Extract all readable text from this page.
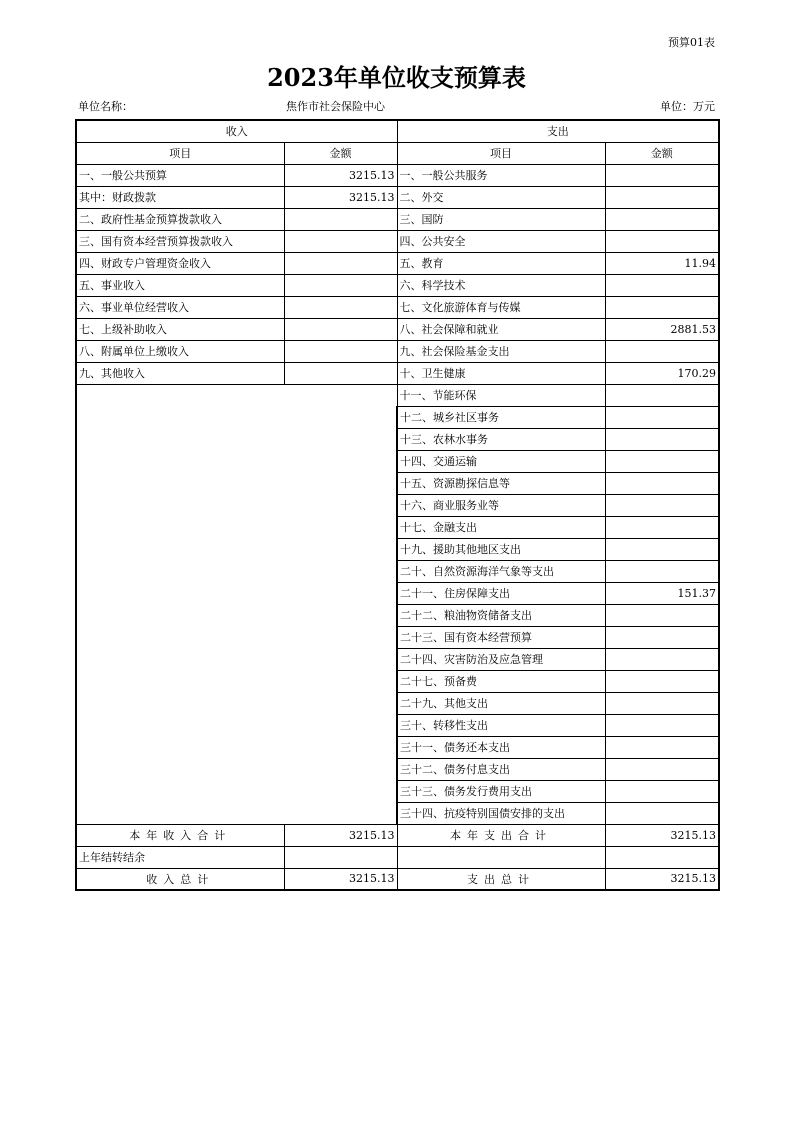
预算01表
2023年单位收支预算表
单位名称：	焦作市社会保险中心	单位：万元
收入		支出	
项目	金额	项目	金额
一、一般公共预算	3215.13	一、一般公共服务	
其中：财政拨款	3215.13	二、外交	
二、政府性基金预算拨款收入		三、国防	
三、国有资本经营预算拨款收入		四、公共安全	
四、财政专户管理资金收入		五、教育	11.94
五、事业收入		六、科学技术	
六、事业单位经营收入		七、文化旅游体育与传媒	
七、上级补助收入		八、社会保障和就业	2881.53
八、附属单位上缴收入		九、社会保险基金支出	
九、其他收入		十、卫生健康	170.29
		十一、节能环保	
		十二、城乡社区事务	
		十三、农林水事务	
		十四、交通运输	
		十五、资源勘探信息等	
		十六、商业服务业等	
		十七、金融支出	
		十九、援助其他地区支出	
		二十、自然资源海洋气象等支出	
		二十一、住房保障支出	151.37
		二十二、粮油物资储备支出	
		二十三、国有资本经营预算	
		二十四、灾害防治及应急管理	
		二十七、预备费	
		二十九、其他支出	
		三十、转移性支出	
		三十一、债务还本支出	
		三十二、债务付息支出	
		三十三、债务发行费用支出	
		三十四、抗疫特别国债安排的支出	
本年收入合计	3215.13	本年支出合计	3215.13
上年结转结余			
收入总计	3215.13	支出总计	3215.13
